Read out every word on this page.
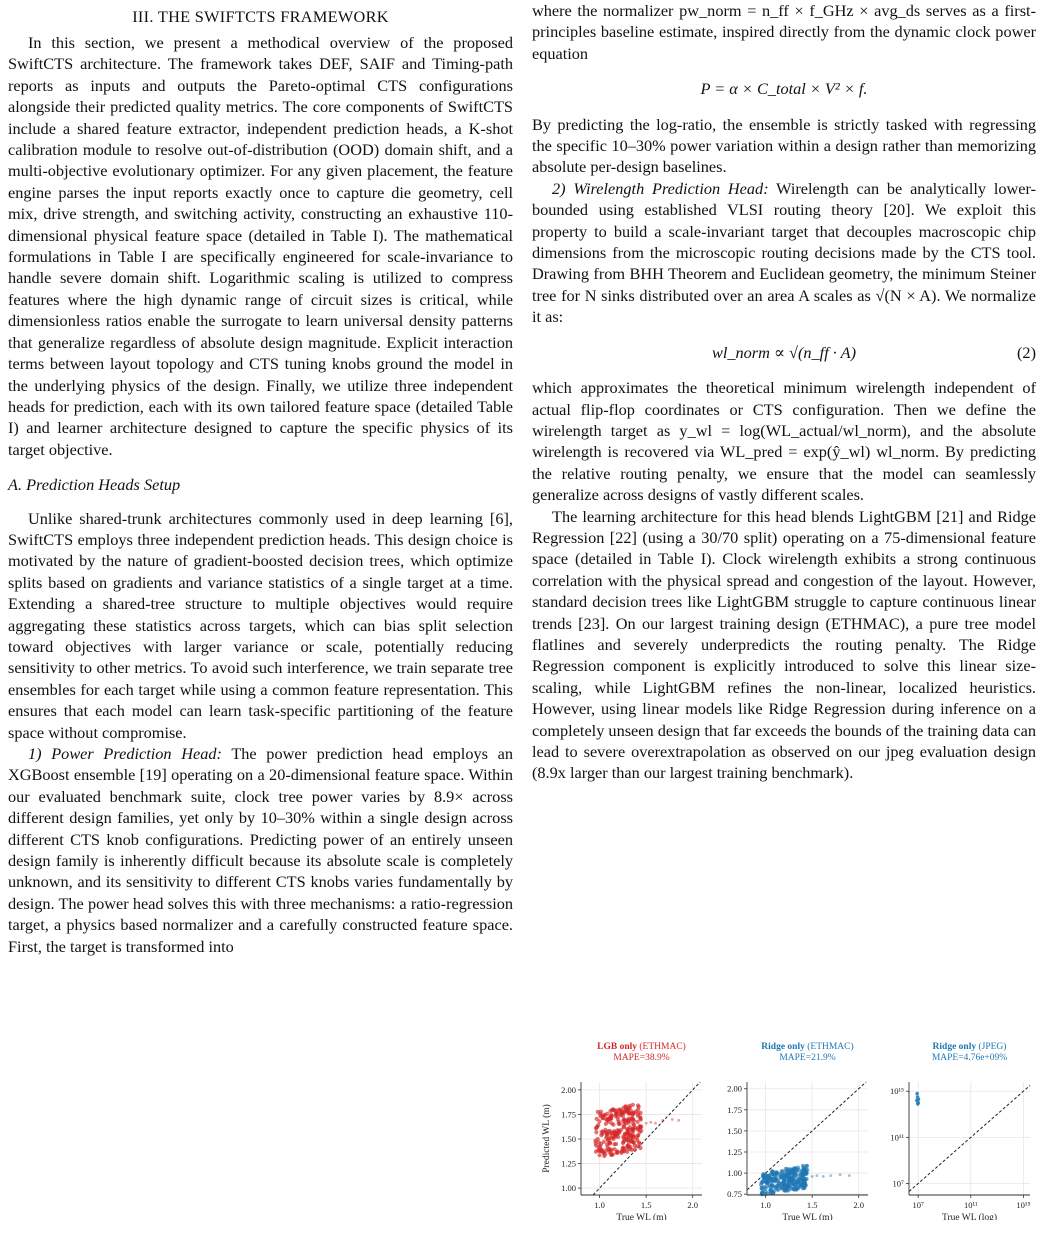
III. THE SWIFTCTS FRAMEWORK

In this section, we present a methodical overview of the proposed SwiftCTS architecture. The framework takes DEF, SAIF and Timing-path reports as inputs and outputs the Pareto-optimal CTS configurations alongside their predicted quality metrics. The core components of SwiftCTS include a shared feature extractor, independent prediction heads, a K-shot calibration module to resolve out-of-distribution (OOD) domain shift, and a multi-objective evolutionary optimizer. For any given placement, the feature engine parses the input reports exactly once to capture die geometry, cell mix, drive strength, and switching activity, constructing an exhaustive 110-dimensional physical feature space (detailed in Table I). The mathematical formulations in Table I are specifically engineered for scale-invariance to handle severe domain shift. Logarithmic scaling is utilized to compress features where the high dynamic range of circuit sizes is critical, while dimensionless ratios enable the surrogate to learn universal density patterns that generalize regardless of absolute design magnitude. Explicit interaction terms between layout topology and CTS tuning knobs ground the model in the underlying physics of the design. Finally, we utilize three independent heads for prediction, each with its own tailored feature space (detailed Table I) and learner architecture designed to capture the specific physics of its target objective.

A. Prediction Heads Setup

Unlike shared-trunk architectures commonly used in deep learning [6], SwiftCTS employs three independent prediction heads. This design choice is motivated by the nature of gradient-boosted decision trees, which optimize splits based on gradients and variance statistics of a single target at a time. Extending a shared-tree structure to multiple objectives would require aggregating these statistics across targets, which can bias split selection toward objectives with larger variance or scale, potentially reducing sensitivity to other metrics. To avoid such interference, we train separate tree ensembles for each target while using a common feature representation. This ensures that each model can learn task-specific partitioning of the feature space without compromise.

1) Power Prediction Head: The power prediction head employs an XGBoost ensemble [19] operating on a 20-dimensional feature space. Within our evaluated benchmark suite, clock tree power varies by 8.9× across different design families, yet only by 10–30% within a single design across different CTS knob configurations. Predicting power of an entirely unseen design family is inherently difficult because its absolute scale is completely unknown, and its sensitivity to different CTS knobs varies fundamentally by design. The power head solves this with three mechanisms: a ratio-regression target, a physics based normalizer and a carefully constructed feature space. First, the target is transformed into

where the normalizer pw_norm = n_ff × f_GHz × avg_ds serves as a first-principles baseline estimate, inspired directly from the dynamic clock power equation

P = α × C_total × V² × f.

By predicting the log-ratio, the ensemble is strictly tasked with regressing the specific 10–30% power variation within a design rather than memorizing absolute per-design baselines.

2) Wirelength Prediction Head: Wirelength can be analytically lower-bounded using established VLSI routing theory [20]. We exploit this property to build a scale-invariant target that decouples macroscopic chip dimensions from the microscopic routing decisions made by the CTS tool. Drawing from BHH Theorem and Euclidean geometry, the minimum Steiner tree for N sinks distributed over an area A scales as √(N × A). We normalize it as:

wl_norm ∝ √(n_ff · A)	(2)

which approximates the theoretical minimum wirelength independent of actual flip-flop coordinates or CTS configuration. Then we define the wirelength target as y_wl = log(WL_actual/wl_norm), and the absolute wirelength is recovered via WL_pred = exp(ŷ_wl) wl_norm. By predicting the relative routing penalty, we ensure that the model can seamlessly generalize across designs of vastly different scales.

The learning architecture for this head blends LightGBM [21] and Ridge Regression [22] (using a 30/70 split) operating on a 75-dimensional feature space (detailed in Table I). Clock wirelength exhibits a strong continuous correlation with the physical spread and congestion of the layout. However, standard decision trees like LightGBM struggle to capture continuous linear trends [23]. On our largest training design (ETHMAC), a pure tree model flatlines and severely underpredicts the routing penalty. The Ridge Regression component is explicitly introduced to solve this linear size-scaling, while LightGBM refines the non-linear, localized heuristics. However, using linear models like Ridge Regression during inference on a completely unseen design that far exceeds the bounds of the training data can lead to severe overextrapolation as observed on our jpeg evaluation design (8.9x larger than our largest training benchmark).

1.0	1.5	2.0
1.00
1.25
1.50
1.75
2.00
True WL (m)
Predicted WL (m)
LGB only (ETHMAC)
MAPE=38.9%
1.0	1.5	2.0
0.75
1.00
1.25
1.50
1.75
2.00
True WL (m)
Ridge only (ETHMAC)
MAPE=21.9%
10⁷	10¹¹	10¹⁵
10⁷
10¹¹
10¹⁵
True WL (log)
Ridge only (JPEG)
MAPE=4.76e+09%
